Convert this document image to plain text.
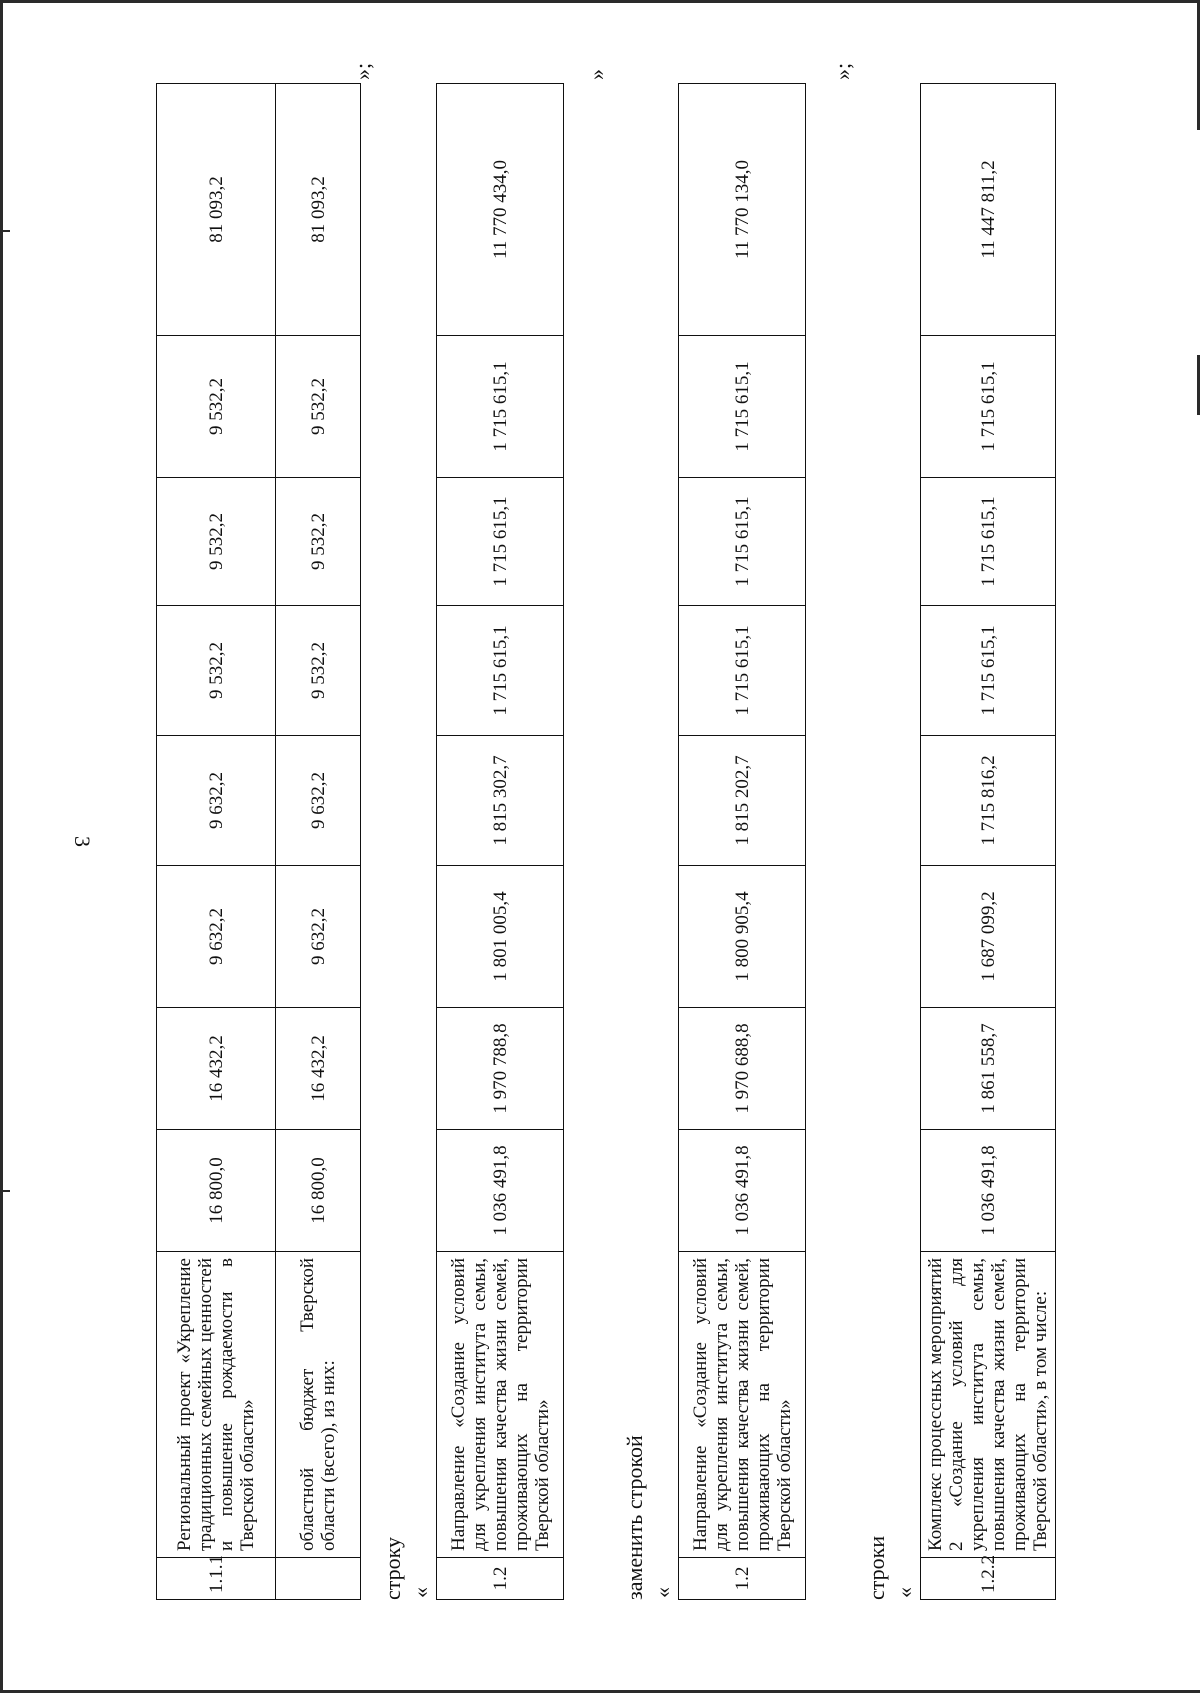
3
1.1.1	Региональный проект «Укрепление традиционных семейных ценностей и повышение рождаемости в Тверской области»	16 800,0	16 432,2	9 632,2	9 632,2	9 532,2	9 532,2	9 532,2	81 093,2
	областной бюджет Тверской области (всего), из них:	16 800,0	16 432,2	9 632,2	9 632,2	9 532,2	9 532,2	9 532,2	81 093,2
»;
строку «
1.2	Направление «Создание условий для укрепления института семьи, повышения качества жизни семей, проживающих на территории Тверской области»	1 036 491,8	1 970 788,8	1 801 005,4	1 815 302,7	1 715 615,1	1 715 615,1	1 715 615,1	11 770 434,0
»
заменить строкой «
1.2	Направление «Создание условий для укрепления института семьи, повышения качества жизни семей, проживающих на территории Тверской области»	1 036 491,8	1 970 688,8	1 800 905,4	1 815 202,7	1 715 615,1	1 715 615,1	1 715 615,1	11 770 134,0
»;
строки «	1.2.2	Комплекс процессных мероприятий 2 «Создание условий для укрепления института семьи, повышения качества жизни семей, проживающих на территории Тверской области», в том числе:	1 036 491,8	1 861 558,7	1 687 099,2	1 715 816,2	1 715 615,1	1 715 615,1	1 715 615,1	11 447 811,2
